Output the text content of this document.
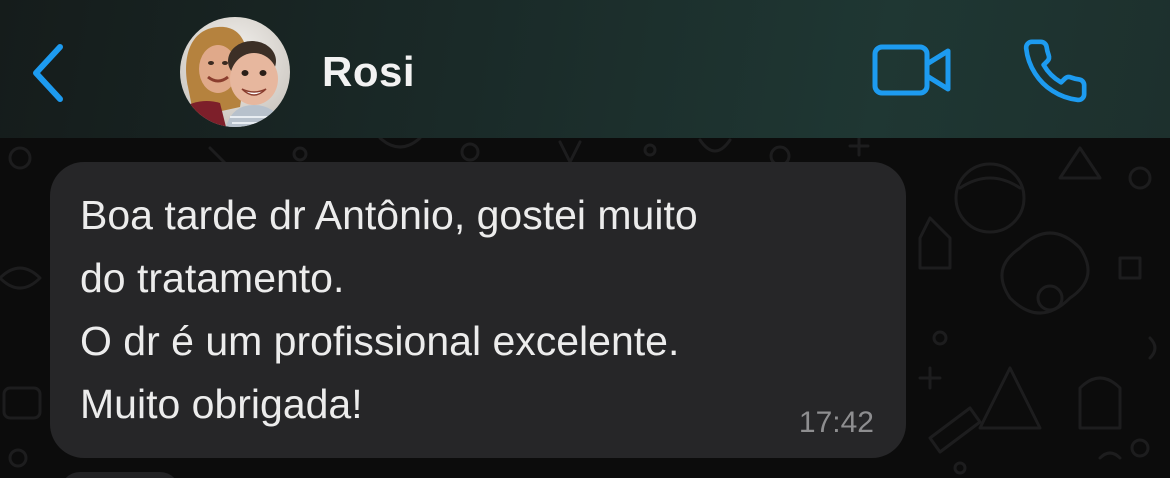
Rosi

Boa tarde dr Antônio, gostei muito
do tratamento.
O dr é um profissional excelente.
Muito obrigada!	17:42
